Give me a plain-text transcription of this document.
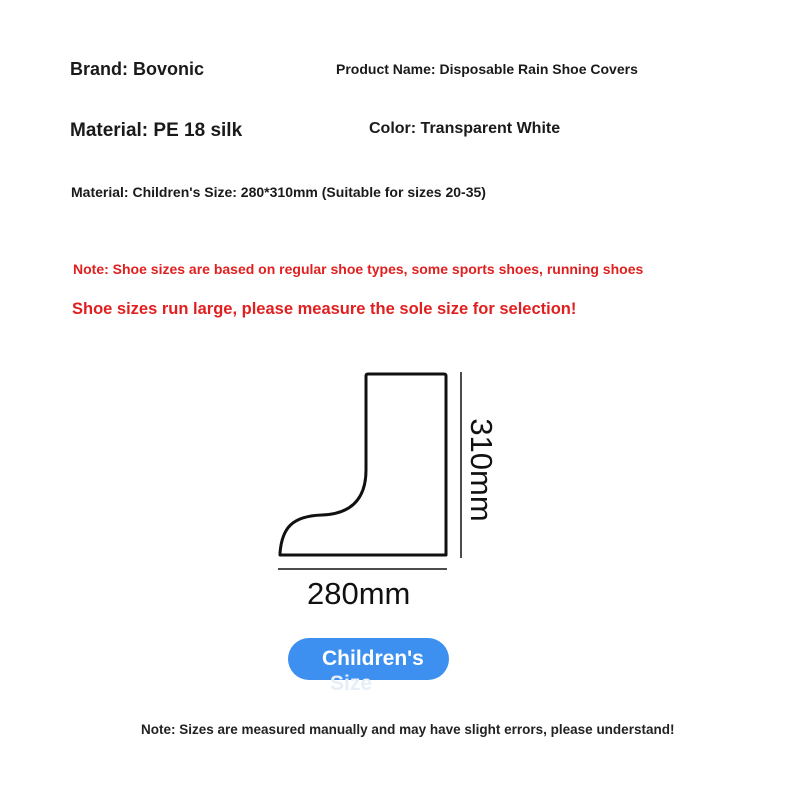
Brand: Bovonic	Product Name: Disposable Rain Shoe Covers
Material: PE 18 silk	Color: Transparent White
Material: Children's Size: 280*310mm (Suitable for sizes 20-35)
Note: Shoe sizes are based on regular shoe types, some sports shoes, running shoes
Shoe sizes run large, please measure the sole size for selection!
310mm
280mm
Children's
Size
Note: Sizes are measured manually and may have slight errors, please understand!
